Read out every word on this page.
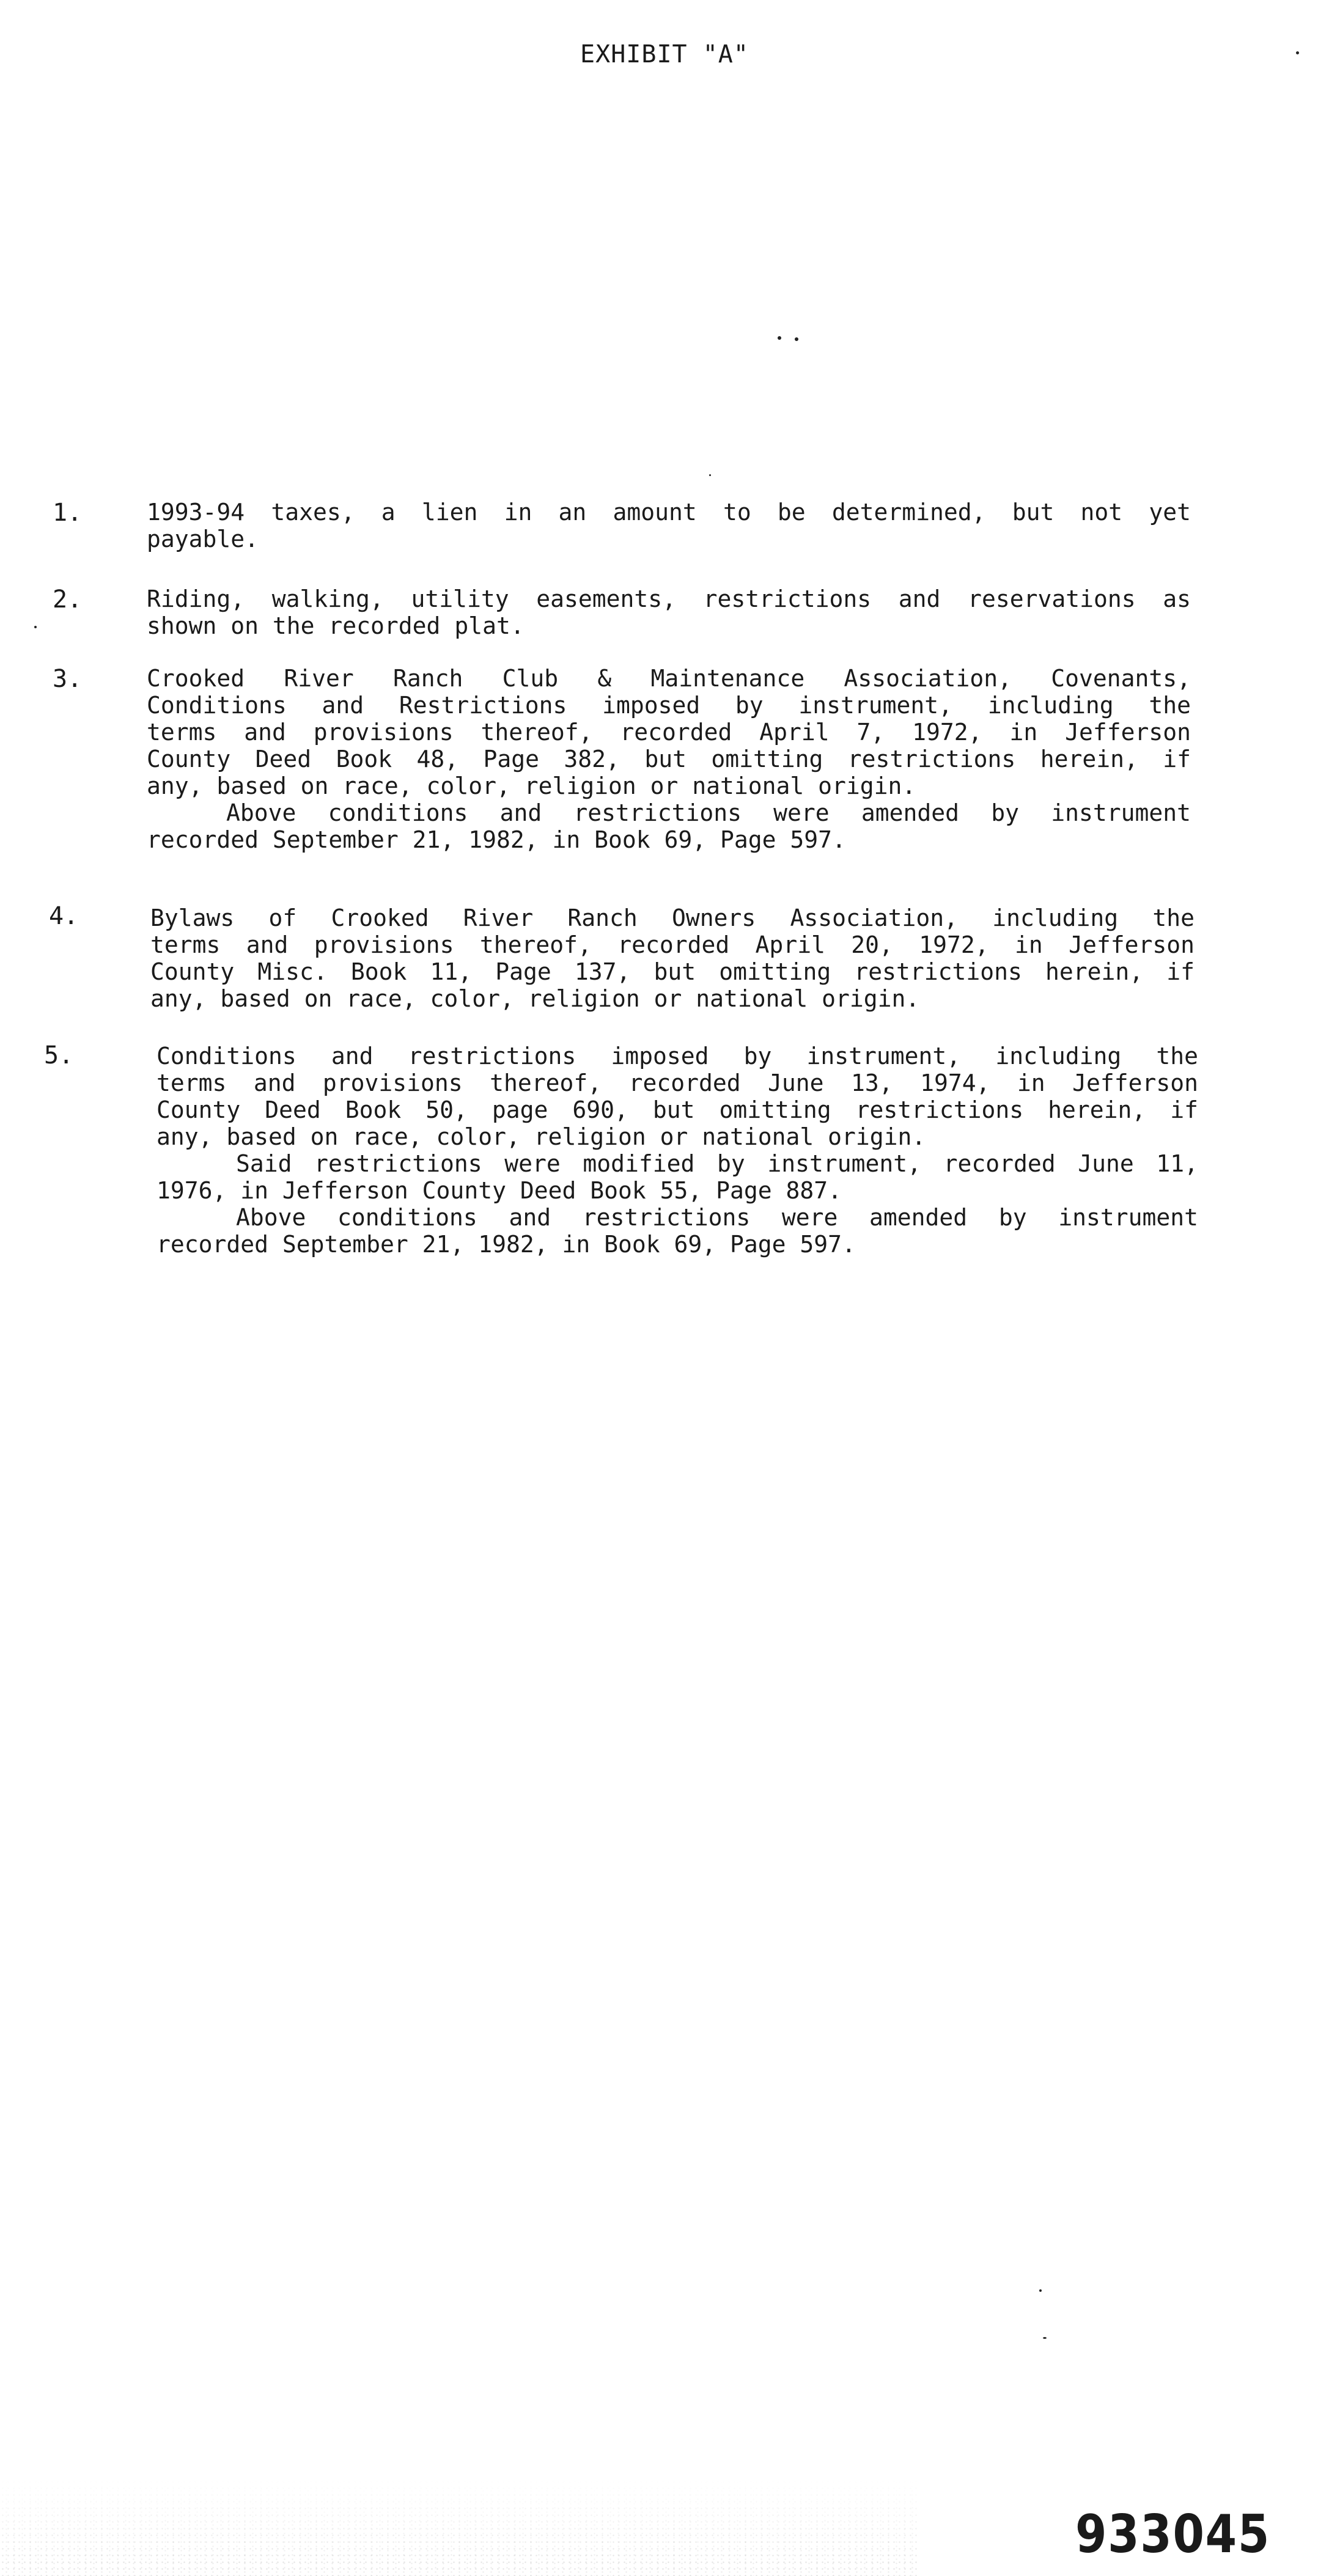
EXHIBIT "A"
1.	1993-94 taxes, a lien in an amount to be determined, but not yet
payable.
2.	Riding, walking, utility easements, restrictions and reservations as
shown on the recorded plat.
3.	Crooked River Ranch Club & Maintenance Association, Covenants,
Conditions and Restrictions imposed by instrument, including the
terms and provisions thereof, recorded April 7, 1972, in Jefferson
County Deed Book 48, Page 382, but omitting restrictions herein, if
any, based on race, color, religion or national origin.
Above conditions and restrictions were amended by instrument
recorded September 21, 1982, in Book 69, Page 597.
4.	Bylaws of Crooked River Ranch Owners Association, including the
terms and provisions thereof, recorded April 20, 1972, in Jefferson
County Misc. Book 11, Page 137, but omitting restrictions herein, if
any, based on race, color, religion or national origin.
5.	Conditions and restrictions imposed by instrument, including the
terms and provisions thereof, recorded June 13, 1974, in Jefferson
County Deed Book 50, page 690, but omitting restrictions herein, if
any, based on race, color, religion or national origin.
Said restrictions were modified by instrument, recorded June 11,
1976, in Jefferson County Deed Book 55, Page 887.
Above conditions and restrictions were amended by instrument
recorded September 21, 1982, in Book 69, Page 597.
933045
